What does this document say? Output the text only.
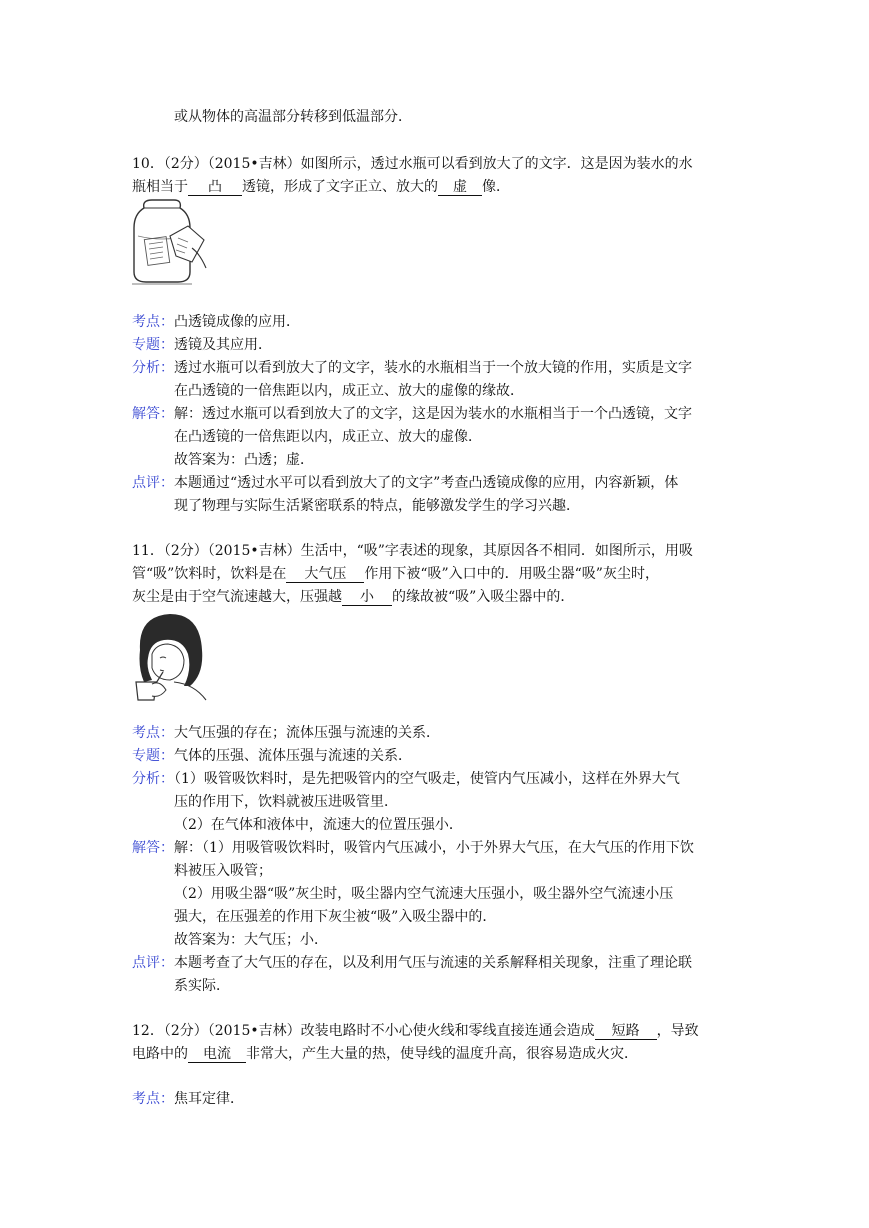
或从物体的高温部分转移到低温部分．
10．（2分）（2015•吉林）如图所示，透过水瓶可以看到放大了的文字．这是因为装水的水
瓶相当于 凸 透镜，形成了文字正立、放大的 虚 像．
考点：凸透镜成像的应用．
专题：透镜及其应用．
分析：透过水瓶可以看到放大了的文字，装水的水瓶相当于一个放大镜的作用，实质是文字
在凸透镜的一倍焦距以内，成正立、放大的虚像的缘故．
解答：解：透过水瓶可以看到放大了的文字，这是因为装水的水瓶相当于一个凸透镜，文字
在凸透镜的一倍焦距以内，成正立、放大的虚像．
故答案为：凸透；虚．
点评：本题通过“透过水平可以看到放大了的文字”考查凸透镜成像的应用，内容新颖，体
现了物理与实际生活紧密联系的特点，能够激发学生的学习兴趣．
11．（2分）（2015•吉林）生活中，“吸”字表述的现象，其原因各不相同．如图所示，用吸
管“吸”饮料时，饮料是在 大气压 作用下被“吸”入口中的．用吸尘器“吸”灰尘时，
灰尘是由于空气流速越大，压强越 小 的缘故被“吸”入吸尘器中的．
考点：大气压强的存在；流体压强与流速的关系．
专题：气体的压强、流体压强与流速的关系．
分析：（1）吸管吸饮料时，是先把吸管内的空气吸走，使管内气压减小，这样在外界大气
压的作用下，饮料就被压进吸管里．
（2）在气体和液体中，流速大的位置压强小．
解答：解：（1）用吸管吸饮料时，吸管内气压减小，小于外界大气压，在大气压的作用下饮
料被压入吸管；
（2）用吸尘器“吸”灰尘时，吸尘器内空气流速大压强小，吸尘器外空气流速小压
强大，在压强差的作用下灰尘被“吸”入吸尘器中的．
故答案为：大气压；小．
点评：本题考查了大气压的存在，以及利用气压与流速的关系解释相关现象，注重了理论联
系实际．
12．（2分）（2015•吉林）改装电路时不小心使火线和零线直接连通会造成 短路 ，导致
电路中的 电流 非常大，产生大量的热，使导线的温度升高，很容易造成火灾．
考点：焦耳定律．
